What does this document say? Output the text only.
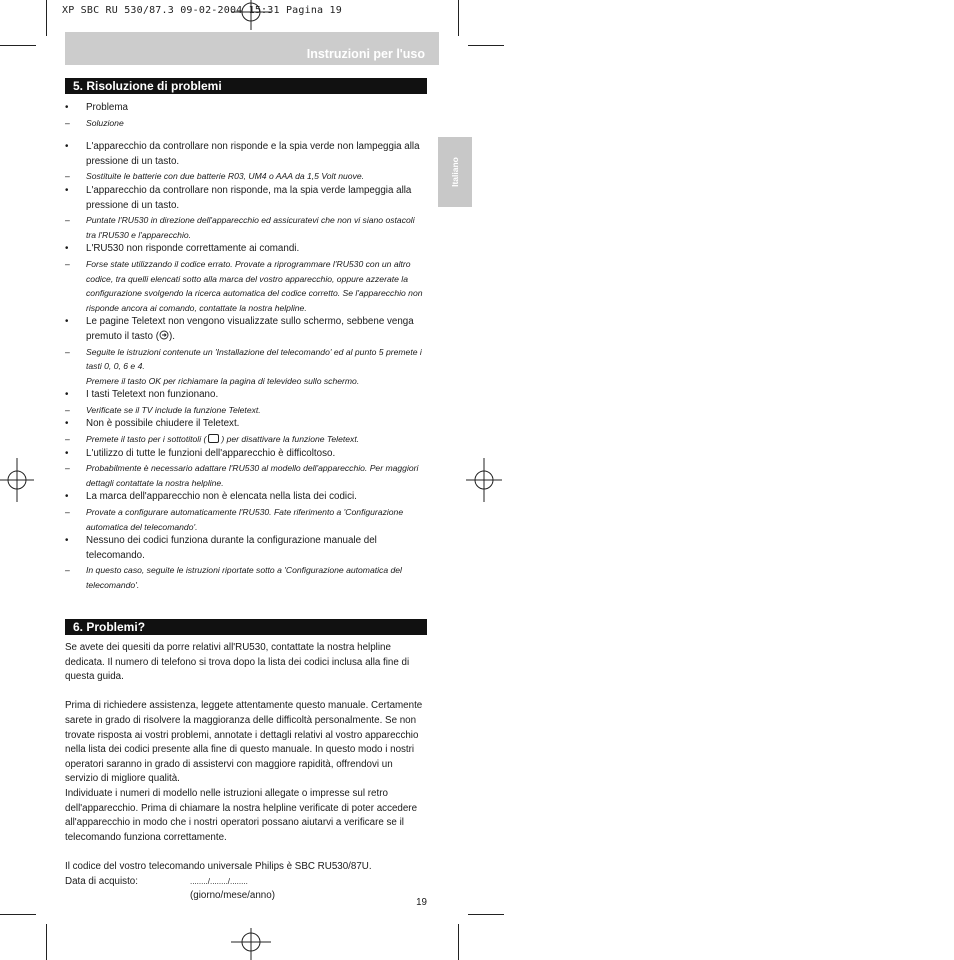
XP SBC RU 530/87.3 09-02-2004 15:31 Pagina 19
Instruzioni per l'uso
Italiano
5. Risoluzione di problemi
•	Problema
–	Soluzione
•	L'apparecchio da controllare non risponde e la spia verde non lampeggia alla pressione di un tasto.
–	Sostituite le batterie con due batterie R03, UM4 o AAA da 1,5 Volt nuove.
•	L'apparecchio da controllare non risponde, ma la spia verde lampeggia alla pressione di un tasto.
–	Puntate l'RU530 in direzione dell'apparecchio ed assicuratevi che non vi siano ostacoli tra l'RU530 e l'apparecchio.
•	L'RU530 non risponde correttamente ai comandi.
–	Forse state utilizzando il codice errato. Provate a riprogrammare l'RU530 con un altro codice, tra quelli elencati sotto alla marca del vostro apparecchio, oppure azzerate la configurazione svolgendo la ricerca automatica del codice corretto. Se l'apparecchio non risponde ancora ai comando, contattate la nostra helpline.
•	Le pagine Teletext non vengono visualizzate sullo schermo, sebbene venga premuto il tasto ( ).
–	Seguite le istruzioni contenute un 'Installazione del telecomando' ed al punto 5 premete i tasti 0, 0, 6 e 4.
Premere il tasto OK per richiamare la pagina di televideo sullo schermo.
•	I tasti Teletext non funzionano.
–	Verificate se il TV include la funzione Teletext.
•	Non è possibile chiudere il Teletext.
–	Premete il tasto per i sottotitoli ( ) per disattivare la funzione Teletext.
•	L'utilizzo di tutte le funzioni dell'apparecchio è difficoltoso.
–	Probabilmente è necessario adattare l'RU530 al modello dell'apparecchio. Per maggiori dettagli contattate la nostra helpline.
•	La marca dell'apparecchio non è elencata nella lista dei codici.
–	Provate a configurare automaticamente l'RU530. Fate riferimento a 'Configurazione automatica del telecomando'.
•	Nessuno dei codici funziona durante la configurazione manuale del telecomando.
–	In questo caso, seguite le istruzioni riportate sotto a 'Configurazione automatica del telecomando'.
6. Problemi?

Se avete dei quesiti da porre relativi all'RU530, contattate la nostra helpline dedicata. Il numero di telefono si trova dopo la lista dei codici inclusa alla fine di questa guida.

Prima di richiedere assistenza, leggete attentamente questo manuale. Certamente sarete in grado di risolvere la maggioranza delle difficoltà personalmente. Se non trovate risposta ai vostri problemi, annotate i dettagli relativi al vostro apparecchio nella lista dei codici presente alla fine di questo manuale. In questo modo i nostri operatori saranno in grado di assistervi con maggiore rapidità, offrendovi un servizio di migliore qualità.

Individuate i numeri di modello nelle istruzioni allegate o impresse sul retro dell'apparecchio. Prima di chiamare la nostra helpline verificate di poter accedere all'apparecchio in modo che i nostri operatori possano aiutarvi a verificare se il telecomando funziona correttamente.

Il codice del vostro telecomando universale Philips è SBC RU530/87U.

Data di acquisto:	......../......../........
(giorno/mese/anno)
19
